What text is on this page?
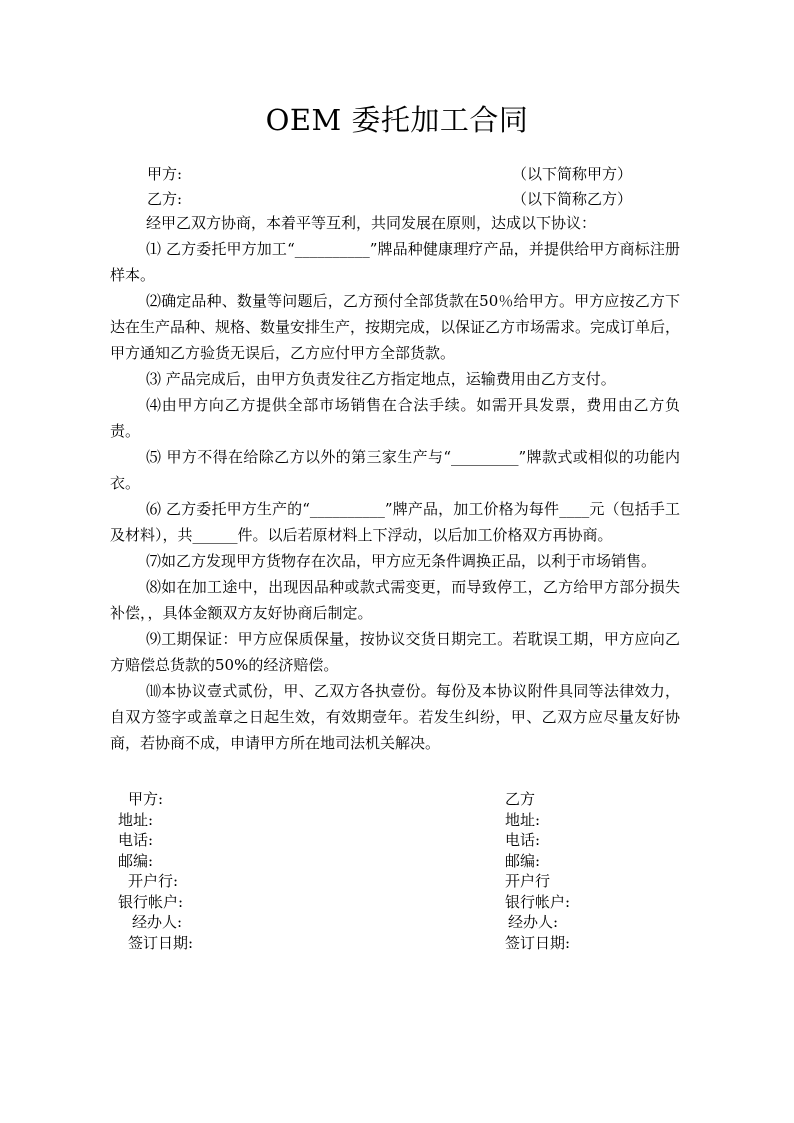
OEM 委托加工合同
甲方:	（以下简称甲方）
乙方:	（以下简称乙方）

经甲乙双方协商，本着平等互利，共同发展在原则，达成以下协议：

⑴ 乙方委托甲方加工“__________”牌品种健康理疗产品，并提供给甲方商标注册样本。

⑵确定品种、数量等问题后，乙方预付全部货款在50％给甲方。甲方应按乙方下达在生产品种、规格、数量安排生产，按期完成，以保证乙方市场需求。完成订单后，甲方通知乙方验货无误后，乙方应付甲方全部货款。

⑶ 产品完成后，由甲方负责发往乙方指定地点，运输费用由乙方支付。

⑷由甲方向乙方提供全部市场销售在合法手续。如需开具发票，费用由乙方负责。

⑸ 甲方不得在给除乙方以外的第三家生产与“_________”牌款式或相似的功能内衣。

⑹ 乙方委托甲方生产的“__________”牌产品，加工价格为每件____元（包括手工及材料），共______件。以后若原材料上下浮动，以后加工价格双方再协商。

⑺如乙方发现甲方货物存在次品，甲方应无条件调换正品，以利于市场销售。

⑻如在加工途中，出现因品种或款式需变更，而导致停工，乙方给甲方部分损失补偿，，具体金额双方友好协商后制定。

⑼工期保证：甲方应保质保量，按协议交货日期完工。若耽误工期，甲方应向乙方赔偿总货款的50%的经济赔偿。

⑽本协议壹式贰份，甲、乙双方各执壹份。每份及本协议附件具同等法律效力，自双方签字或盖章之日起生效，有效期壹年。若发生纠纷，甲、乙双方应尽量友好协商，若协商不成，申请甲方所在地司法机关解决。

甲方:
地址:
电话:
邮编:
开户行:
银行帐户:
经办人:
签订日期:
乙方
地址:
电话:
邮编:
开户行
银行帐户:
经办人:
签订日期:
